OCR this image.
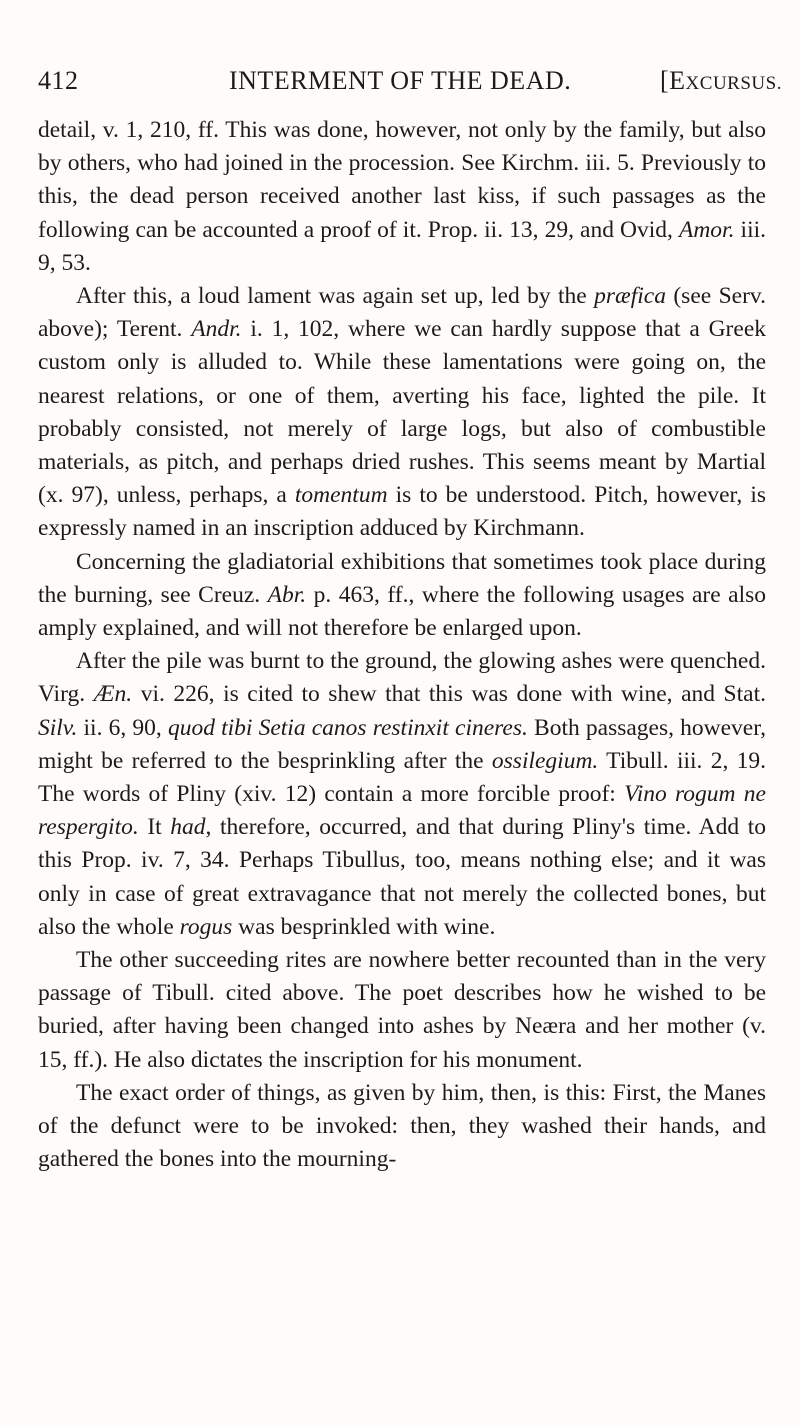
412	INTERMENT OF THE DEAD.	[EXCURSUS.

detail, v. 1, 210, ff. This was done, however, not only by the family, but also by others, who had joined in the procession. See Kirchm. iii. 5. Previously to this, the dead person received another last kiss, if such passages as the following can be accounted a proof of it. Prop. ii. 13, 29, and Ovid, Amor. iii. 9, 53.

After this, a loud lament was again set up, led by the præfica (see Serv. above); Terent. Andr. i. 1, 102, where we can hardly suppose that a Greek custom only is alluded to. While these lamentations were going on, the nearest relations, or one of them, averting his face, lighted the pile. It probably consisted, not merely of large logs, but also of combustible materials, as pitch, and perhaps dried rushes. This seems meant by Martial (x. 97), unless, perhaps, a tomentum is to be understood. Pitch, however, is expressly named in an inscription adduced by Kirchmann.

Concerning the gladiatorial exhibitions that sometimes took place during the burning, see Creuz. Abr. p. 463, ff., where the following usages are also amply explained, and will not therefore be enlarged upon.

After the pile was burnt to the ground, the glowing ashes were quenched. Virg. Æn. vi. 226, is cited to shew that this was done with wine, and Stat. Silv. ii. 6, 90, quod tibi Setia canos restinxit cineres. Both passages, however, might be referred to the besprinkling after the ossilegium. Tibull. iii. 2, 19. The words of Pliny (xiv. 12) contain a more forcible proof: Vino rogum ne respergito. It had, therefore, occurred, and that during Pliny's time. Add to this Prop. iv. 7, 34. Perhaps Tibullus, too, means nothing else; and it was only in case of great extravagance that not merely the collected bones, but also the whole rogus was besprinkled with wine.

The other succeeding rites are nowhere better recounted than in the very passage of Tibull. cited above. The poet describes how he wished to be buried, after having been changed into ashes by Neæra and her mother (v. 15, ff.). He also dictates the inscription for his monument.

The exact order of things, as given by him, then, is this: First, the Manes of the defunct were to be invoked: then, they washed their hands, and gathered the bones into the mourning-
